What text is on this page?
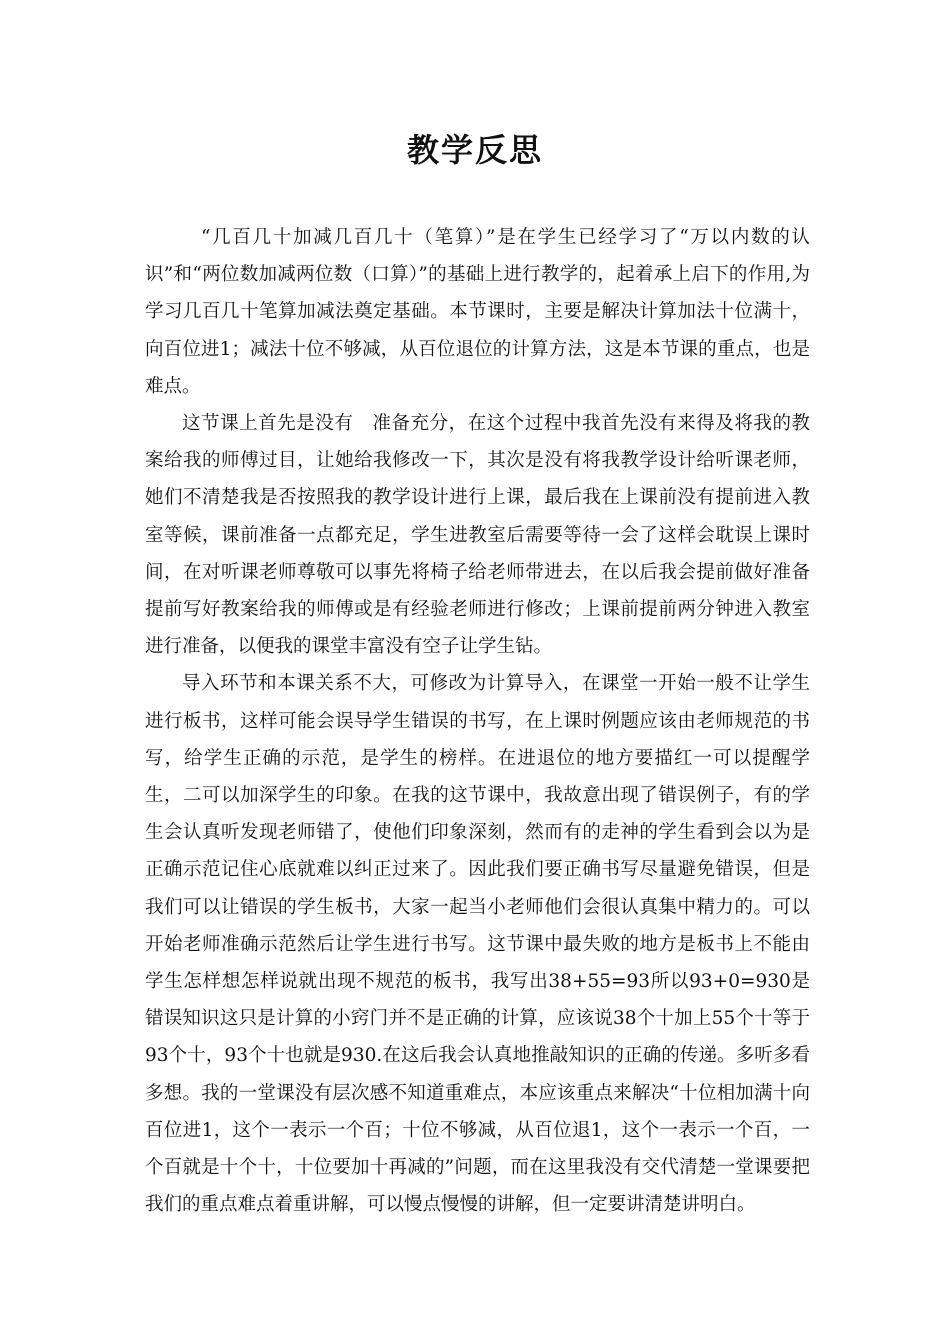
教学反思

“几百几十加减几百几十（笔算）”是在学生已经学习了“万以内数的认识”和“两位数加减两位数（口算）”的基础上进行教学的，起着承上启下的作用,为学习几百几十笔算加减法奠定基础。本节课时，主要是解决计算加法十位满十，向百位进1；减法十位不够减，从百位退位的计算方法，这是本节课的重点，也是难点。

这节课上首先是没有　准备充分，在这个过程中我首先没有来得及将我的教案给我的师傅过目，让她给我修改一下，其次是没有将我教学设计给听课老师，她们不清楚我是否按照我的教学设计进行上课，最后我在上课前没有提前进入教室等候，课前准备一点都充足，学生进教室后需要等待一会了这样会耽误上课时间，在对听课老师尊敬可以事先将椅子给老师带进去，在以后我会提前做好准备提前写好教案给我的师傅或是有经验老师进行修改；上课前提前两分钟进入教室进行准备，以便我的课堂丰富没有空子让学生钻。

导入环节和本课关系不大，可修改为计算导入，在课堂一开始一般不让学生进行板书，这样可能会误导学生错误的书写，在上课时例题应该由老师规范的书写，给学生正确的示范，是学生的榜样。在进退位的地方要描红一可以提醒学生，二可以加深学生的印象。在我的这节课中，我故意出现了错误例子，有的学生会认真听发现老师错了，使他们印象深刻，然而有的走神的学生看到会以为是正确示范记住心底就难以纠正过来了。因此我们要正确书写尽量避免错误，但是我们可以让错误的学生板书，大家一起当小老师他们会很认真集中精力的。可以开始老师准确示范然后让学生进行书写。这节课中最失败的地方是板书上不能由学生怎样想怎样说就出现不规范的板书，我写出38+55=93所以93+0=930是错误知识这只是计算的小窍门并不是正确的计算，应该说38个十加上55个十等于93个十，93个十也就是930.在这后我会认真地推敲知识的正确的传递。多听多看多想。我的一堂课没有层次感不知道重难点，本应该重点来解决“十位相加满十向百位进1，这个一表示一个百；十位不够减，从百位退1，这个一表示一个百，一个百就是十个十，十位要加十再减的”问题，而在这里我没有交代清楚一堂课要把我们的重点难点着重讲解，可以慢点慢慢的讲解，但一定要讲清楚讲明白。
